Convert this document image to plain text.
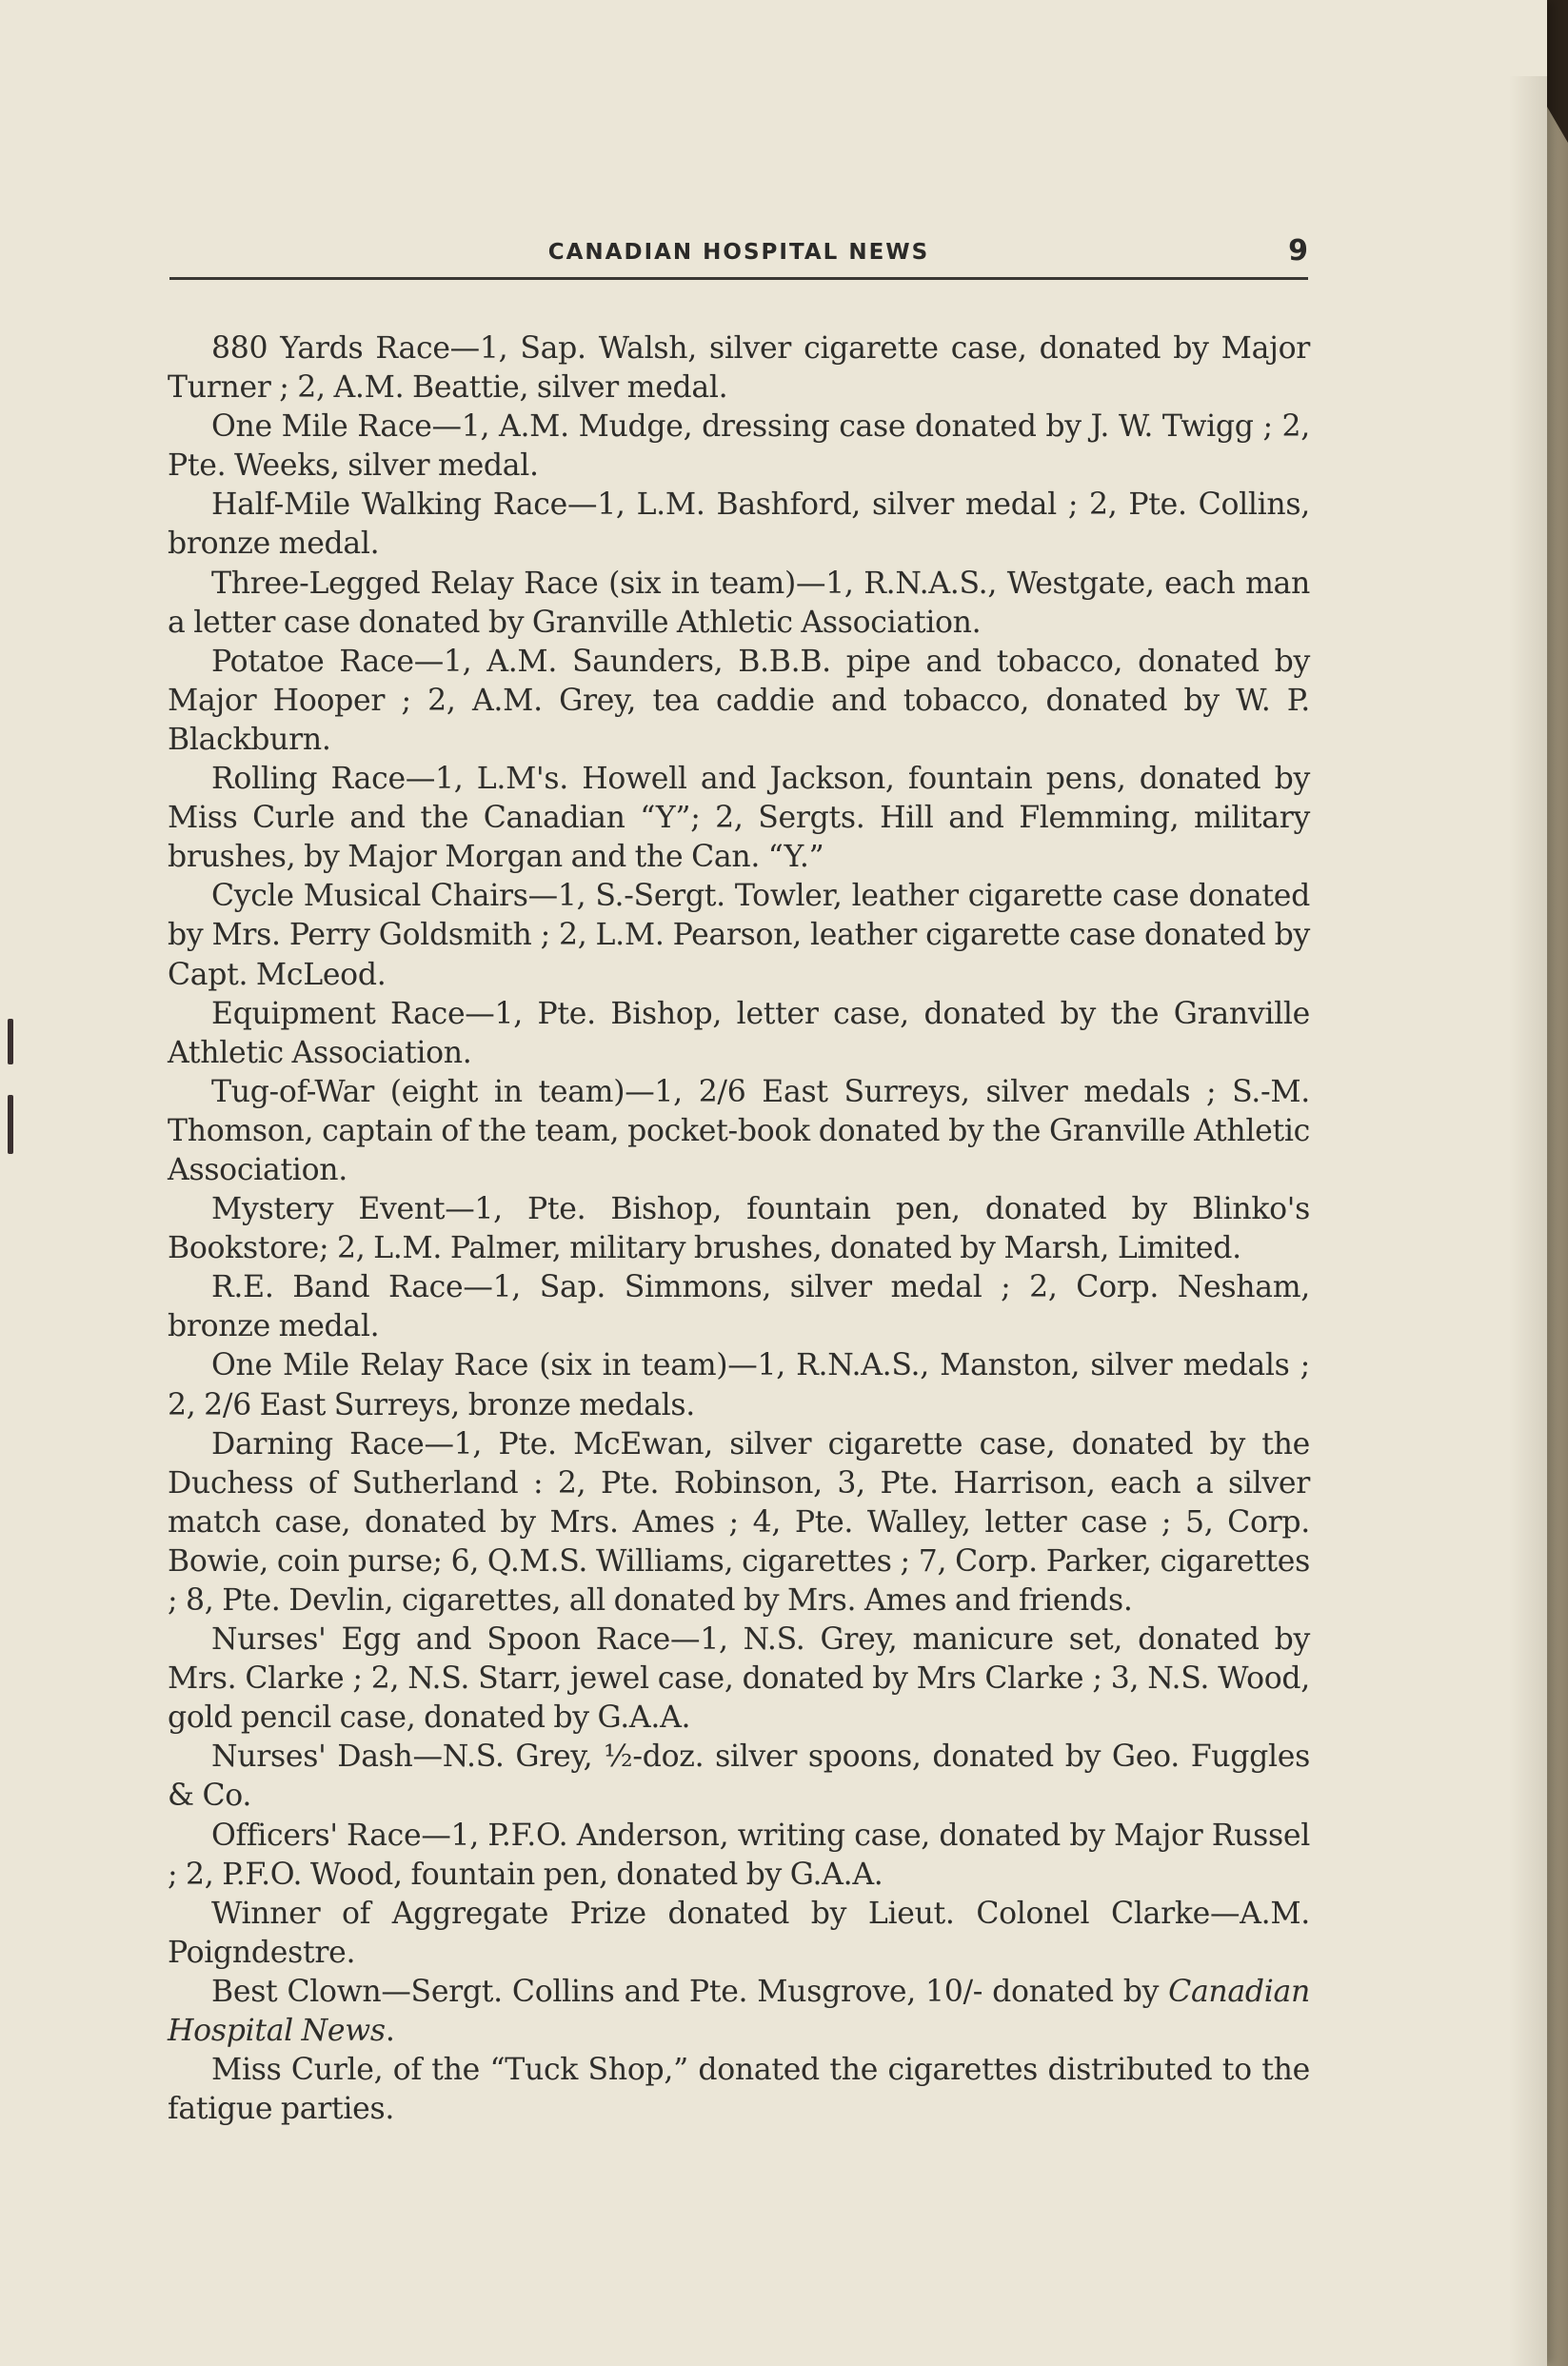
CANADIAN HOSPITAL NEWS	9

880 Yards Race—1, Sap. Walsh, silver cigarette case, donated by Major Turner ; 2, A.M. Beattie, silver medal.

One Mile Race—1, A.M. Mudge, dressing case donated by J. W. Twigg ; 2, Pte. Weeks, silver medal.

Half-Mile Walking Race—1, L.M. Bashford, silver medal ; 2, Pte. Collins, bronze medal.

Three-Legged Relay Race (six in team)—1, R.N.A.S., Westgate, each man a letter case donated by Granville Athletic Association.

Potatoe Race—1, A.M. Saunders, B.B.B. pipe and tobacco, donated by Major Hooper ; 2, A.M. Grey, tea caddie and tobacco, donated by W. P. Blackburn.

Rolling Race—1, L.M's. Howell and Jackson, fountain pens, donated by Miss Curle and the Canadian “Y”; 2, Sergts. Hill and Flemming, military brushes, by Major Morgan and the Can. “Y.”

Cycle Musical Chairs—1, S.-Sergt. Towler, leather cigarette case donated by Mrs. Perry Goldsmith ; 2, L.M. Pearson, leather cigarette case donated by Capt. McLeod.

Equipment Race—1, Pte. Bishop, letter case, donated by the Granville Athletic Association.

Tug-of-War (eight in team)—1, 2/6 East Surreys, silver medals ; S.-M. Thomson, captain of the team, pocket-book donated by the Granville Athletic Association.

Mystery Event—1, Pte. Bishop, fountain pen, donated by Blinko's Bookstore; 2, L.M. Palmer, military brushes, donated by Marsh, Limited.

R.E. Band Race—1, Sap. Simmons, silver medal ; 2, Corp. Nesham, bronze medal.

One Mile Relay Race (six in team)—1, R.N.A.S., Manston, silver medals ; 2, 2/6 East Surreys, bronze medals.

Darning Race—1, Pte. McEwan, silver cigarette case, donated by the Duchess of Sutherland : 2, Pte. Robinson, 3, Pte. Harrison, each a silver match case, donated by Mrs. Ames ; 4, Pte. Walley, letter case ; 5, Corp. Bowie, coin purse; 6, Q.M.S. Williams, cigarettes ; 7, Corp. Parker, cigarettes ; 8, Pte. Devlin, cigarettes, all donated by Mrs. Ames and friends.

Nurses' Egg and Spoon Race—1, N.S. Grey, manicure set, donated by Mrs. Clarke ; 2, N.S. Starr, jewel case, donated by Mrs Clarke ; 3, N.S. Wood, gold pencil case, donated by G.A.A.

Nurses' Dash—N.S. Grey, ½-doz. silver spoons, donated by Geo. Fuggles & Co.

Officers' Race—1, P.F.O. Anderson, writing case, donated by Major Russel ; 2, P.F.O. Wood, fountain pen, donated by G.A.A.

Winner of Aggregate Prize donated by Lieut. Colonel Clarke—A.M. Poigndestre.

Best Clown—Sergt. Collins and Pte. Musgrove, 10/- donated by Canadian Hospital News.

Miss Curle, of the “Tuck Shop,” donated the cigarettes distributed to the fatigue parties.
